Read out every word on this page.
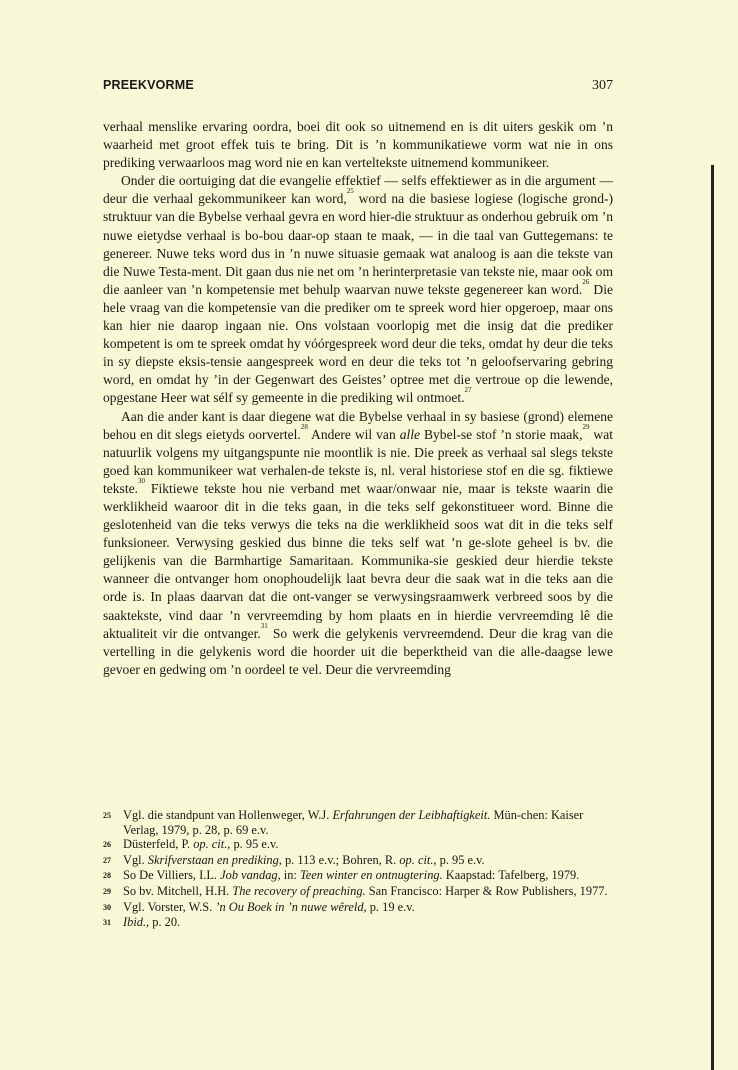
PREEKVORME	307

verhaal menslike ervaring oordra, boei dit ook so uitnemend en is dit uiters geskik om ’n waarheid met groot effek tuis te bring. Dit is ’n kommunikatiewe vorm wat nie in ons prediking verwaarloos mag word nie en kan verteltekste uitnemend kommunikeer.

Onder die oortuiging dat die evangelie effektief — selfs effektiewer as in die argument — deur die verhaal gekommunikeer kan word,$^{25}$ word na die basiese logiese (logische grond-) struktuur van die Bybelse verhaal gevra en word hier-die struktuur as onderhou gebruik om ’n nuwe eietydse verhaal is bo-bou daar-op staan te maak, — in die taal van Guttegemans: te genereer. Nuwe teks word dus in ’n nuwe situasie gemaak wat analoog is aan die tekste van die Nuwe Testa-ment. Dit gaan dus nie net om ’n herinterpretasie van tekste nie, maar ook om die aanleer van ’n kompetensie met behulp waarvan nuwe tekste gegenereer kan word.$^{26}$ Die hele vraag van die kompetensie van die prediker om te spreek word hier opgeroep, maar ons kan hier nie daarop ingaan nie. Ons volstaan voorlopig met die insig dat die prediker kompetent is om te spreek omdat hy vóórgespreek word deur die teks, omdat hy deur die teks in sy diepste eksis-tensie aangespreek word en deur die teks tot ’n geloofservaring gebring word, en omdat hy ’in der Gegenwart des Geistes’ optree met die vertroue op die lewende, opgestane Heer wat sélf sy gemeente in die prediking wil ontmoet.$^{27}$

Aan die ander kant is daar diegene wat die Bybelse verhaal in sy basiese (grond) elemene behou en dit slegs eietyds oorvertel.$^{28}$ Andere wil van alle Bybel-se stof ’n storie maak,$^{29}$ wat natuurlik volgens my uitgangspunte nie moontlik is nie. Die preek as verhaal sal slegs tekste goed kan kommunikeer wat verhalen-de tekste is, nl. veral historiese stof en die sg. fiktiewe tekste.$^{30}$ Fiktiewe tekste hou nie verband met waar/onwaar nie, maar is tekste waarin die werklikheid waaroor dit in die teks gaan, in die teks self gekonstitueer word. Binne die geslotenheid van die teks verwys die teks na die werklikheid soos wat dit in die teks self funksioneer. Verwysing geskied dus binne die teks self wat ’n ge-slote geheel is bv. die gelijkenis van die Barmhartige Samaritaan. Kommunika-sie geskied deur hierdie tekste wanneer die ontvanger hom onophoudelijk laat bevra deur die saak wat in die teks aan die orde is. In plaas daarvan dat die ont-vanger se verwysingsraamwerk verbreed soos by die saaktekste, vind daar ’n vervreemding by hom plaats en in hierdie vervreemding lê die aktualiteit vir die ontvanger.$^{31}$ So werk die gelykenis vervreemdend. Deur die krag van die vertelling in die gelykenis word die hoorder uit die beperktheid van die alle-daagse lewe gevoer en gedwing om ’n oordeel te vel. Deur die vervreemding

25 Vgl. die standpunt van Hollenweger, W.J. Erfahrungen der Leibhaftigkeit. Mün-chen: Kaiser Verlag, 1979, p. 28, p. 69 e.v.
26 Düsterfeld, P. op. cit., p. 95 e.v.
27 Vgl. Skrifverstaan en prediking, p. 113 e.v.; Bohren, R. op. cit., p. 95 e.v.
28 So De Villiers, I.L. Job vandag, in: Teen winter en ontnugtering. Kaapstad: Tafelberg, 1979.
29 So bv. Mitchell, H.H. The recovery of preaching. San Francisco: Harper & Row Publishers, 1977.
30 Vgl. Vorster, W.S. ’n Ou Boek in ’n nuwe wêreld, p. 19 e.v.
31 Ibid., p. 20.
